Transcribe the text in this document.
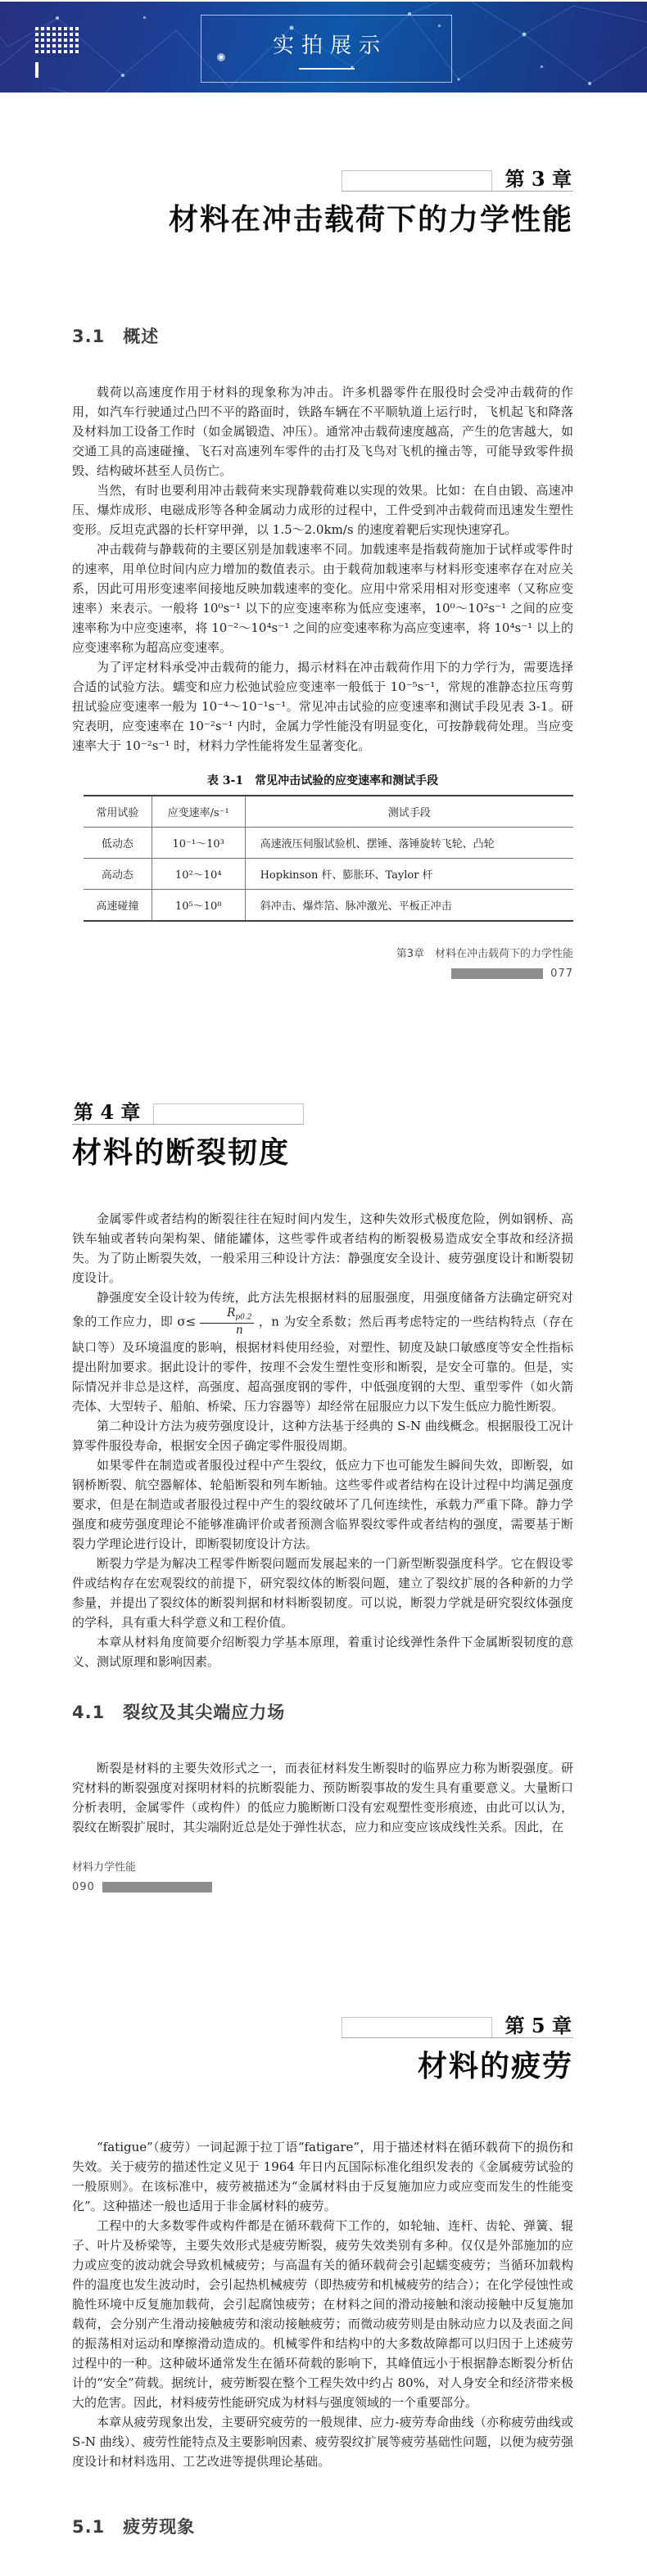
实拍展示
第 3 章
材料在冲击载荷下的力学性能
3.1　概述

载荷以高速度作用于材料的现象称为冲击。许多机器零件在服役时会受冲击载荷的作用，如汽车行驶通过凸凹不平的路面时，铁路车辆在不平顺轨道上运行时，飞机起飞和降落及材料加工设备工作时（如金属锻造、冲压）。通常冲击载荷速度越高，产生的危害越大，如交通工具的高速碰撞、飞石对高速列车零件的击打及飞鸟对飞机的撞击等，可能导致零件损毁、结构破坏甚至人员伤亡。

当然，有时也要利用冲击载荷来实现静载荷难以实现的效果。比如：在自由锻、高速冲压、爆炸成形、电磁成形等各种金属动力成形的过程中，工件受到冲击载荷而迅速发生塑性变形。反坦克武器的长杆穿甲弹，以 1.5～2.0km/s 的速度着靶后实现快速穿孔。

冲击载荷与静载荷的主要区别是加载速率不同。加载速率是指载荷施加于试样或零件时的速率，用单位时间内应力增加的数值表示。由于载荷加载速率与材料形变速率存在对应关系，因此可用形变速率间接地反映加载速率的变化。应用中常采用相对形变速率（又称应变速率）来表示。一般将 10⁰s⁻¹ 以下的应变速率称为低应变速率，10⁰～10²s⁻¹ 之间的应变速率称为中应变速率，将 10⁻²～10⁴s⁻¹ 之间的应变速率称为高应变速率，将 10⁴s⁻¹ 以上的应变速率称为超高应变速率。

为了评定材料承受冲击载荷的能力，揭示材料在冲击载荷作用下的力学行为，需要选择合适的试验方法。蠕变和应力松弛试验应变速率一般低于 10⁻⁵s⁻¹，常规的准静态拉压弯剪扭试验应变速率一般为 10⁻⁴～10⁻¹s⁻¹。常见冲击试验的应变速率和测试手段见表 3-1。研究表明，应变速率在 10⁻²s⁻¹ 内时，金属力学性能没有明显变化，可按静载荷处理。当应变速率大于 10⁻²s⁻¹ 时，材料力学性能将发生显著变化。

表 3-1　常见冲击试验的应变速率和测试手段
常用试验	应变速率/s⁻¹	测试手段
低动态	10⁻¹～10³	高速液压伺服试验机、摆锤、落锤旋转飞轮、凸轮
高动态	10²～10⁴	Hopkinson 杆、膨胀环、Taylor 杆
高速碰撞	10⁵～10⁸	斜冲击、爆炸箔、脉冲激光、平板正冲击
第3章　材料在冲击载荷下的力学性能
077
第 4 章
材料的断裂韧度

金属零件或者结构的断裂往往在短时间内发生，这种失效形式极度危险，例如钢桥、高铁车轴或者转向架构架、储能罐体，这些零件或者结构的断裂极易造成安全事故和经济损失。为了防止断裂失效，一般采用三种设计方法：静强度安全设计、疲劳强度设计和断裂韧度设计。

静强度安全设计较为传统，此方法先根据材料的屈服强度，用强度储备方法确定研究对象的工作应力，即 $\sigma\le \frac{R_{p0.2}}{n}$ ，n 为安全系数；然后再考虑特定的一些结构特点（存在缺口等）及环境温度的影响，根据材料使用经验，对塑性、韧度及缺口敏感度等安全性指标提出附加要求。据此设计的零件，按理不会发生塑性变形和断裂，是安全可靠的。但是，实际情况并非总是这样，高强度、超高强度钢的零件，中低强度钢的大型、重型零件（如火箭壳体、大型转子、船舶、桥梁、压力容器等）却经常在屈服应力以下发生低应力脆性断裂。

第二种设计方法为疲劳强度设计，这种方法基于经典的 S-N 曲线概念。根据服役工况计算零件服役寿命，根据安全因子确定零件服役周期。

如果零件在制造或者服役过程中产生裂纹，低应力下也可能发生瞬间失效，即断裂，如钢桥断裂、航空器解体、轮船断裂和列车断轴。这些零件或者结构在设计过程中均满足强度要求，但是在制造或者服役过程中产生的裂纹破坏了几何连续性，承载力严重下降。静力学强度和疲劳强度理论不能够准确评价或者预测含临界裂纹零件或者结构的强度，需要基于断裂力学理论进行设计，即断裂韧度设计方法。

断裂力学是为解决工程零件断裂问题而发展起来的一门新型断裂强度科学。它在假设零件或结构存在宏观裂纹的前提下，研究裂纹体的断裂问题，建立了裂纹扩展的各种新的力学参量，并提出了裂纹体的断裂判据和材料断裂韧度。可以说，断裂力学就是研究裂纹体强度的学科，具有重大科学意义和工程价值。

本章从材料角度简要介绍断裂力学基本原理，着重讨论线弹性条件下金属断裂韧度的意义、测试原理和影响因素。

4.1　裂纹及其尖端应力场

断裂是材料的主要失效形式之一，而表征材料发生断裂时的临界应力称为断裂强度。研究材料的断裂强度对探明材料的抗断裂能力、预防断裂事故的发生具有重要意义。大量断口分析表明，金属零件（或构件）的低应力脆断断口没有宏观塑性变形痕迹，由此可以认为，裂纹在断裂扩展时，其尖端附近总是处于弹性状态，应力和应变应该成线性关系。因此，在

材料力学性能
090
第 5 章
材料的疲劳

“fatigue”（疲劳）一词起源于拉丁语“fatigare”，用于描述材料在循环载荷下的损伤和失效。关于疲劳的描述性定义见于 1964 年日内瓦国际标准化组织发表的《金属疲劳试验的一般原则》。在该标准中，疲劳被描述为“金属材料由于反复施加应力或应变而发生的性能变化”。这种描述一般也适用于非金属材料的疲劳。

工程中的大多数零件或构件都是在循环载荷下工作的，如轮轴、连杆、齿轮、弹簧、辊子、叶片及桥梁等，主要失效形式是疲劳断裂，疲劳失效类别有多种。仅仅是外部施加的应力或应变的波动就会导致机械疲劳；与高温有关的循环载荷会引起蠕变疲劳；当循环加载构件的温度也发生波动时，会引起热机械疲劳（即热疲劳和机械疲劳的结合）；在化学侵蚀性或脆性环境中反复施加载荷，会引起腐蚀疲劳；在材料之间的滑动接触和滚动接触中反复施加载荷，会分别产生滑动接触疲劳和滚动接触疲劳；而微动疲劳则是由脉动应力以及表面之间的振荡相对运动和摩擦滑动造成的。机械零件和结构中的大多数故障都可以归因于上述疲劳过程中的一种。这种破坏通常发生在循环荷载的影响下，其峰值远小于根据静态断裂分析估计的“安全”荷载。据统计，疲劳断裂在整个工程失效中约占 80%，对人身安全和经济带来极大的危害。因此，材料疲劳性能研究成为材料与强度领域的一个重要部分。

本章从疲劳现象出发，主要研究疲劳的一般规律、应力-疲劳寿命曲线（亦称疲劳曲线或 S-N 曲线）、疲劳性能特点及主要影响因素、疲劳裂纹扩展等疲劳基础性问题，以便为疲劳强度设计和材料选用、工艺改进等提供理论基础。

5.1　疲劳现象
